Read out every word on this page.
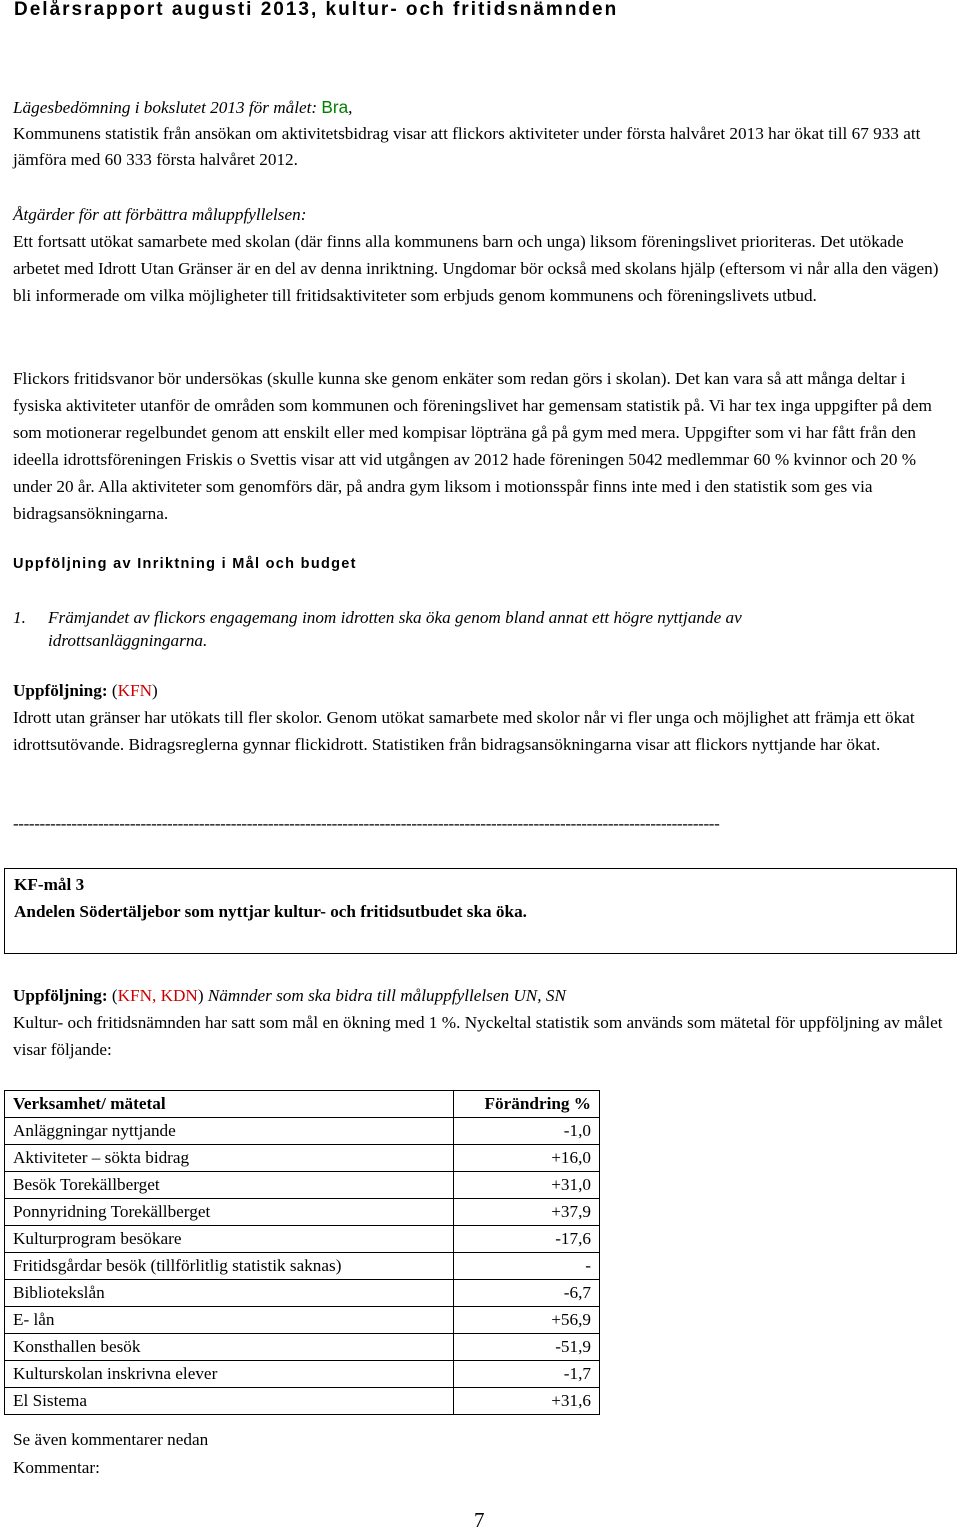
Delårsrapport augusti 2013, kultur- och fritidsnämnden
Lägesbedömning i bokslutet 2013 för målet: Bra,
Kommunens statistik från ansökan om aktivitetsbidrag visar att flickors aktiviteter under första halvåret 2013 har ökat till 67 933 att jämföra med 60 333 första halvåret 2012.
Åtgärder för att förbättra måluppfyllelsen:
Ett fortsatt utökat samarbete med skolan (där finns alla kommunens barn och unga) liksom föreningslivet prioriteras. Det utökade arbetet med Idrott Utan Gränser är en del av denna inriktning. Ungdomar bör också med skolans hjälp (eftersom vi når alla den vägen) bli informerade om vilka möjligheter till fritidsaktiviteter som erbjuds genom kommunens och föreningslivets utbud.
Flickors fritidsvanor bör undersökas (skulle kunna ske genom enkäter som redan görs i skolan). Det kan vara så att många deltar i fysiska aktiviteter utanför de områden som kommunen och föreningslivet har gemensam statistik på. Vi har tex inga uppgifter på dem som motionerar regelbundet genom att enskilt eller med kompisar löpträna gå på gym med mera. Uppgifter som vi har fått från den ideella idrottsföreningen Friskis o Svettis visar att vid utgången av 2012 hade föreningen 5042 medlemmar 60 % kvinnor och 20 % under 20 år. Alla aktiviteter som genomförs där, på andra gym liksom i motionsspår finns inte med i den statistik som ges via bidragsansökningarna.
Uppföljning av Inriktning i Mål och budget
1. Främjandet av flickors engagemang inom idrotten ska öka genom bland annat ett högre nyttjande av idrottsanläggningarna.
Uppföljning: (KFN)
Idrott utan gränser har utökats till fler skolor. Genom utökat samarbete med skolor når vi fler unga och möjlighet att främja ett ökat idrottsutövande. Bidragsreglerna gynnar flickidrott. Statistiken från bidragsansökningarna visar att flickors nyttjande har ökat.
-------------------------------------------------------------------------------------------------------------------------------------
KF-mål 3
Andelen Södertäljebor som nyttjar kultur- och fritidsutbudet ska öka.
Uppföljning: (KFN, KDN) Nämnder som ska bidra till måluppfyllelsen UN, SN
Kultur- och fritidsnämnden har satt som mål en ökning med 1 %. Nyckeltal statistik som används som mätetal för uppföljning av målet visar följande:
Verksamhet/ mätetal	Förändring %
Anläggningar nyttjande	-1,0
Aktiviteter – sökta bidrag	+16,0
Besök Torekällberget	+31,0
Ponnyridning Torekällberget	+37,9
Kulturprogram besökare	-17,6
Fritidsgårdar besök (tillförlitlig statistik saknas)	-
Bibliotekslån	-6,7
E- lån	+56,9
Konsthallen besök	-51,9
Kulturskolan inskrivna elever	-1,7
El Sistema	+31,6
Se även kommentarer nedan
Kommentar:
7
